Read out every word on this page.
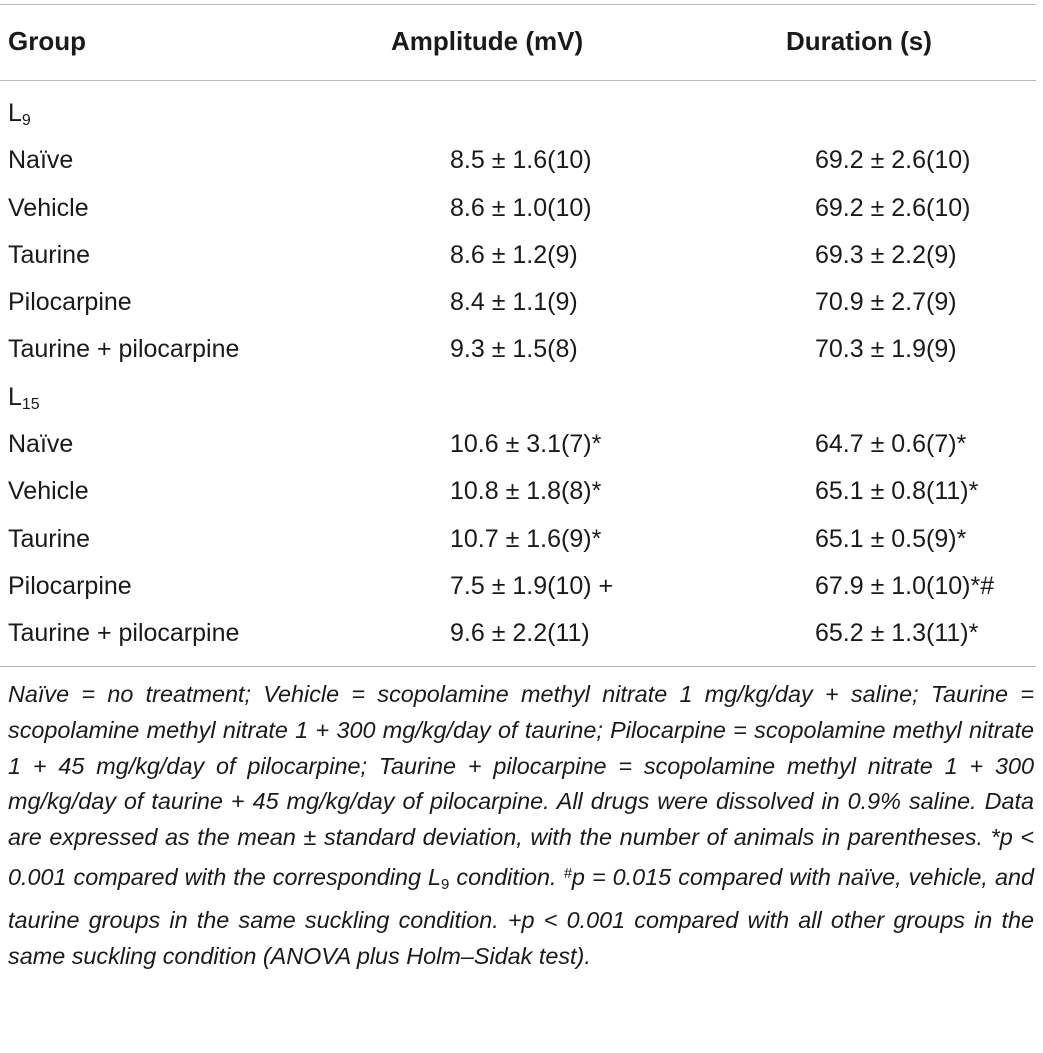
Group	Amplitude (mV)	Duration (s)
$L_9$
Naïve	8.5 ± 1.6(10)	69.2 ± 2.6(10)
Vehicle	8.6 ± 1.0(10)	69.2 ± 2.6(10)
Taurine	8.6 ± 1.2(9)	69.3 ± 2.2(9)
Pilocarpine	8.4 ± 1.1(9)	70.9 ± 2.7(9)
Taurine + pilocarpine	9.3 ± 1.5(8)	70.3 ± 1.9(9)
$L_{15}$
Naïve	10.6 ± 3.1(7)*	64.7 ± 0.6(7)*
Vehicle	10.8 ± 1.8(8)*	65.1 ± 0.8(11)*
Taurine	10.7 ± 1.6(9)*	65.1 ± 0.5(9)*
Pilocarpine	7.5 ± 1.9(10) +	67.9 ± 1.0(10)*#
Taurine + pilocarpine	9.6 ± 2.2(11)	65.2 ± 1.3(11)*

Naïve = no treatment; Vehicle = scopolamine methyl nitrate 1 mg/kg/day + saline; Taurine = scopolamine methyl nitrate 1 + 300 mg/kg/day of taurine; Pilocarpine = scopolamine methyl nitrate 1 + 45 mg/kg/day of pilocarpine; Taurine + pilocarpine = scopolamine methyl nitrate 1 + 300 mg/kg/day of taurine + 45 mg/kg/day of pilocarpine. All drugs were dissolved in 0.9% saline. Data are expressed as the mean ± standard deviation, with the number of animals in parentheses. *p < 0.001 compared with the corresponding $L_9$ condition. #p = 0.015 compared with naïve, vehicle, and taurine groups in the same suckling condition. +p < 0.001 compared with all other groups in the same suckling condition (ANOVA plus Holm–Sidak test).
